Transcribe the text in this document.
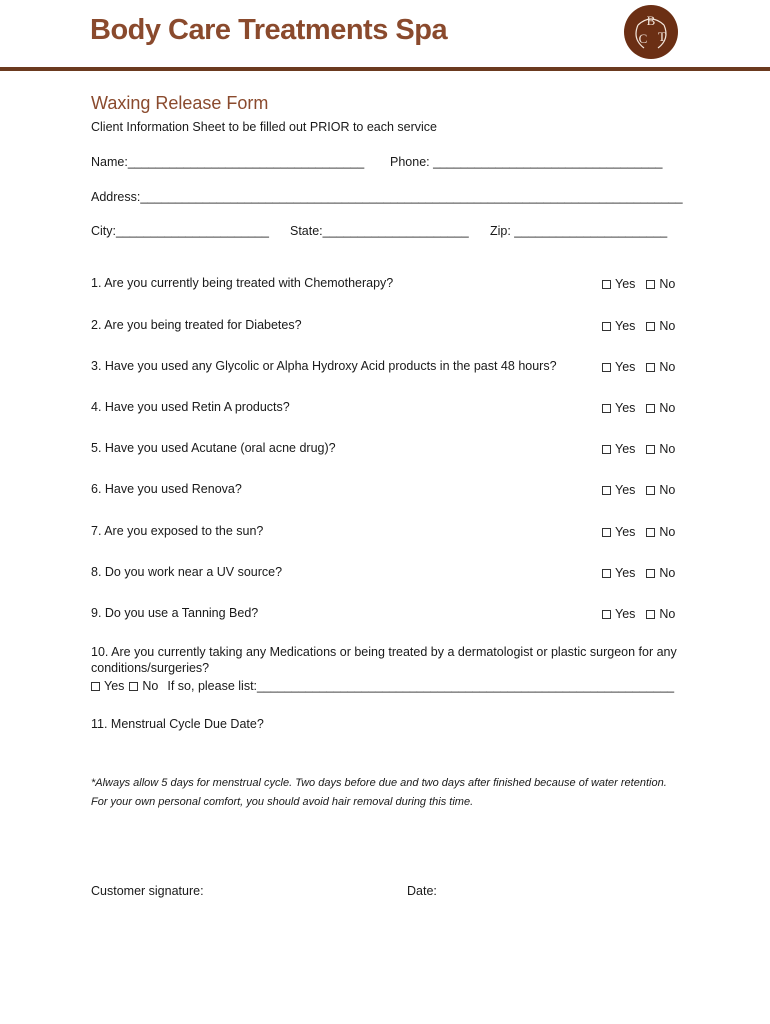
Body Care Treatments Spa	B
C T
Waxing Release Form
Client Information Sheet to be filled out PRIOR to each service
Name:__________________________________ Phone: _________________________________
Address:______________________________________________________________________________
City:______________________ State:_____________________ Zip: ______________________
1. Are you currently being treated with Chemotherapy?	Yes No
2. Are you being treated for Diabetes?	Yes No
3. Have you used any Glycolic or Alpha Hydroxy Acid products in the past 48 hours?	Yes No
4. Have you used Retin A products?	Yes No
5. Have you used Acutane (oral acne drug)?	Yes No
6. Have you used Renova?	Yes No
7. Are you exposed to the sun?	Yes No
8. Do you work near a UV source?	Yes No
9. Do you use a Tanning Bed?	Yes No
10. Are you currently taking any Medications or being treated by a dermatologist or plastic surgeon for any conditions/surgeries?
Yes No If so, please list:____________________________________________________________
11. Menstrual Cycle Due Date?
*Always allow 5 days for menstrual cycle. Two days before due and two days after finished because of water retention. For your own personal comfort, you should avoid hair removal during this time.
Customer signature:	Date:
